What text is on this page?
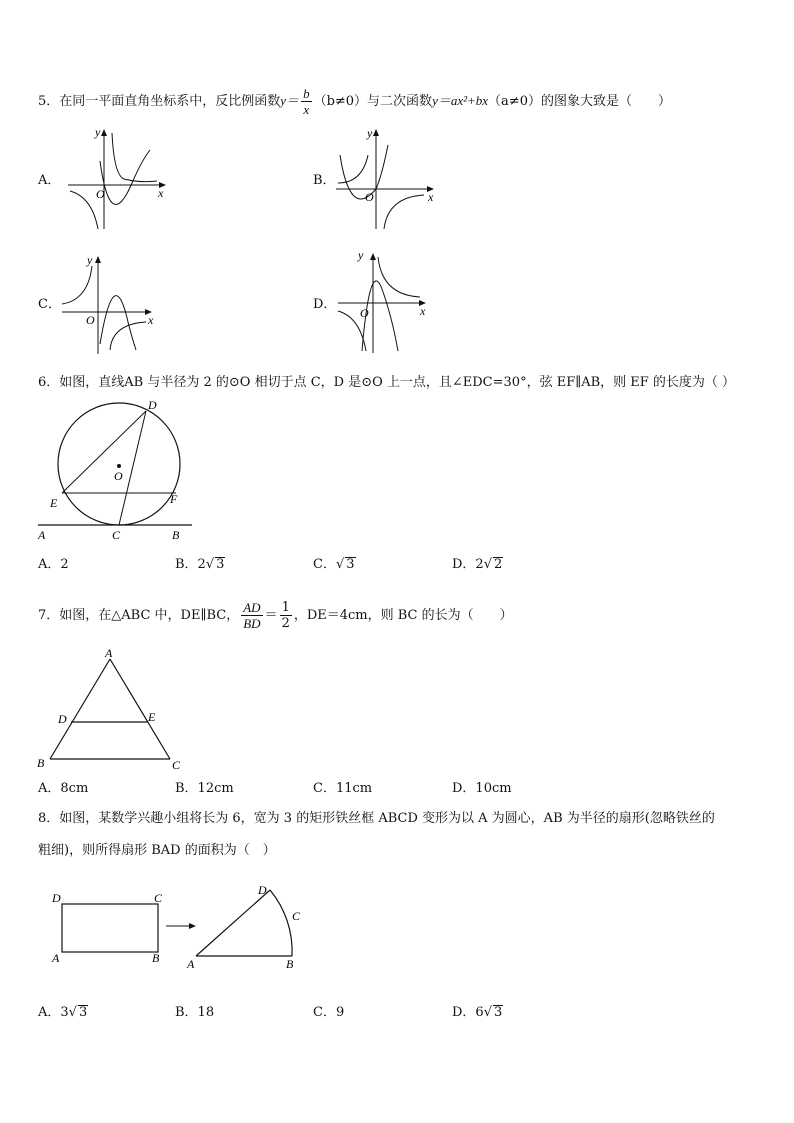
5．在同一平面直角坐标系中，反比例函数$y= \frac{b}{x} (b\ne 0)$与二次函数y＝ax²+bx（a≠0）的图象大致是（　　）
A．
x
y
O
B．
x
y
O
C．
x
y
O
D．	x
y
O
6．如图，直线AB 与半径为 2 的⊙O 相切于点 C，D 是⊙O 上一点，且∠EDC=30°，弦 EF∥AB，则 EF 的长度为（ ）
D
O
E	F
A	C	B
A．2	B．2√ 3	C．√ 3	D．2√ 2
7．如图，在△ABC 中，DE∥BC， $\frac{AD}{BD} = \frac{1}{2}$ ，DE＝4cm，则 BC 的长为（　　）
A
D	E
B	C
A．8cm	B．12cm	C．11cm	D．10cm
8．如图，某数学兴趣小组将长为 6，宽为 3 的矩形铁丝框 ABCD 变形为以 A 为圆心，AB 为半径的扇形(忽略铁丝的
粗细)，则所得扇形 BAD 的面积为（　）
D	C
A	B
D
C
A	B
A．3√ 3	B．18	C．9	D．6√ 3
